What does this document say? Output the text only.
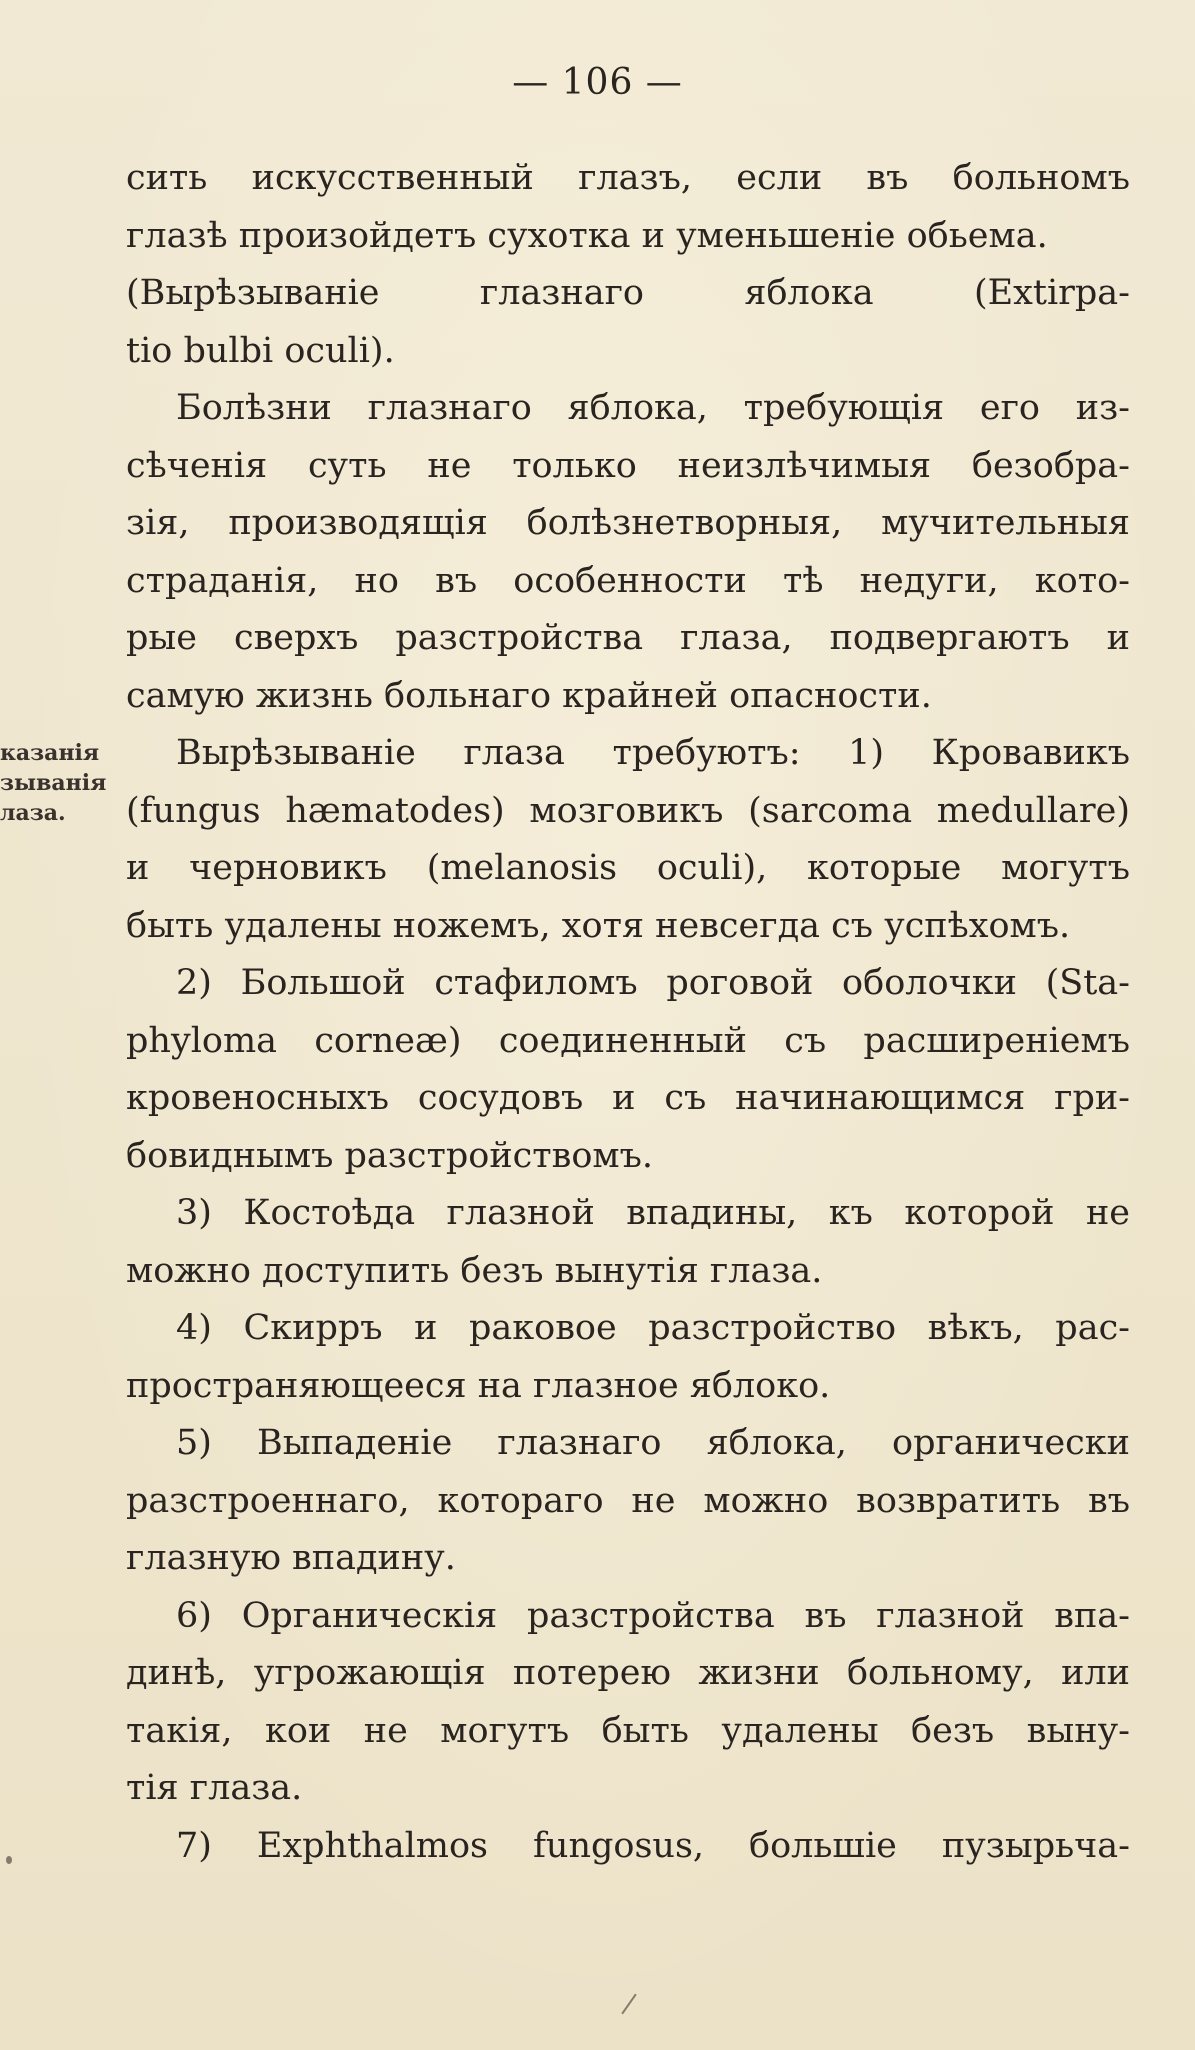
— 106 —
казанія
зыванія
лаза.
сить искусственный глазъ, если въ больномъ
глазѣ произойдетъ сухотка и уменьшеніе обьема.
(Вырѣзываніе глазнаго яблока (Extirpa-
tio bulbi oculi).
Болѣзни глазнаго яблока, требующія его из-
сѣченія суть не только неизлѣчимыя безобра-
зія, производящія болѣзнетворныя, мучительныя
страданія, но въ особенности тѣ недуги, кото-
рые сверхъ разстройства глаза, подвергаютъ и
самую жизнь больнаго крайней опасности.
Вырѣзываніе глаза требуютъ: 1) Кровавикъ
(fungus hæmatodes) мозговикъ (sarcoma medullare)
и черновикъ (melanosis oculi), которые могутъ
быть удалены ножемъ, хотя невсегда съ успѣхомъ.
2) Большой стафиломъ роговой оболочки (Sta-
phyloma corneæ) соединенный съ расширеніемъ
кровеносныхъ сосудовъ и съ начинающимся гри-
бовиднымъ разстройствомъ.
3) Костоѣда глазной впадины, къ которой не
можно доступить безъ вынутія глаза.
4) Скирръ и раковое разстройство вѣкъ, рас-
пространяющееся на глазное яблоко.
5) Выпаденіе глазнаго яблока, органически
разстроеннаго, котораго не можно возвратить въ
глазную впадину.
6) Органическія разстройства въ глазной впа-
динѣ, угрожающія потерею жизни больному, или
такія, кои не могутъ быть удалены безъ выну-
тія глаза.
7) Exphthalmos fungosus, большіе пузырьча-
